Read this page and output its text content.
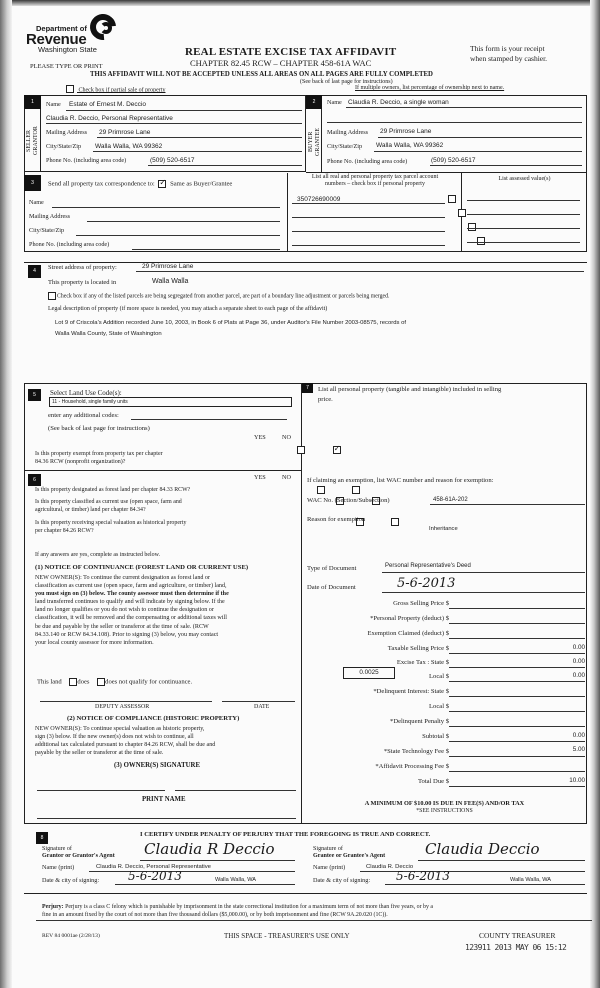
Department of
Revenue
Washington State	REAL ESTATE EXCISE TAX AFFIDAVIT
CHAPTER 82.45 RCW – CHAPTER 458-61A WAC
This form is your receipt
when stamped by cashier.
PLEASE TYPE OR PRINT
THIS AFFIDAVIT WILL NOT BE ACCEPTED UNLESS ALL AREAS ON ALL PAGES ARE FULLY COMPLETED
(See back of last page for instructions)
Check box if partial sale of property	If multiple owners, list percentage of ownership next to name.
1
SELLER
GRANTOR
Name Estate of Ernest M. Deccio
Claudia R. Deccio, Personal Representative
Mailing Address 29 Primrose Lane
City/State/Zip Walla Walla, WA 99362
Phone No. (including area code)	(509) 520-6517
2
BUYER
GRANTEE
Name Claudia R. Deccio, a single woman
Mailing Address 29 Primrose Lane
City/State/Zip Walla Walla, WA 99362
Phone No. (including area code)	(509) 520-6517
3	Send all property tax correspondence to: ✓ Same as Buyer/Grantee
Name
Mailing Address
City/State/Zip
Phone No. (including area code)
List all real and personal property tax parcel account
numbers – check box if personal property
List assessed value(s)
350726690009

4	Street address of property:	29 Primrose Lane
This property is located in	Walla Walla
Check box if any of the listed parcels are being segregated from another parcel, are part of a boundary line adjustment or parcels being merged.
Legal description of property (if more space is needed, you may attach a separate sheet to each page of the affidavit)
Lot 9 of Criscola's Addition recorded June 10, 2003, in Book 6 of Plats at Page 36, under Auditor's File Number 2003-08575, records of
Walla Walla County, State of Washington
5	Select Land Use Code(s):
11 - Household, single family units
enter any additional codes:
(See back of last page for instructions)
YES	NO
Is this property exempt from property tax per chapter
84.36 RCW (nonprofit organization)?
✓
6	YES	NO
Is this property designated as forest land per chapter 84.33 RCW?

Is this property classified as current use (open space, farm and
agricultural, or timber) land per chapter 84.34?

Is this property receiving special valuation as historical property
per chapter 84.26 RCW?

If any answers are yes, complete as instructed below.
(1) NOTICE OF CONTINUANCE (FOREST LAND OR CURRENT USE)
NEW OWNER(S): To continue the current designation as forest land or
classification as current use (open space, farm and agriculture, or timber) land,
you must sign on (3) below. The county assessor must then determine if the
land transferred continues to qualify and will indicate by signing below. If the
land no longer qualifies or you do not wish to continue the designation or
classification, it will be removed and the compensating or additional taxes will
be due and payable by the seller or transferor at the time of sale. (RCW
84.33.140 or RCW 84.34.108). Prior to signing (3) below, you may contact
your local county assessor for more information.
This land does does not qualify for continuance.
DEPUTY ASSESSOR	DATE
(2) NOTICE OF COMPLIANCE (HISTORIC PROPERTY)
NEW OWNER(S): To continue special valuation as historic property,
sign (3) below. If the new owner(s) does not wish to continue, all
additional tax calculated pursuant to chapter 84.26 RCW, shall be due and
payable by the seller or transferor at the time of sale.
(3) OWNER(S) SIGNATURE
PRINT NAME
7	List all personal property (tangible and intangible) included in selling
price.
If claiming an exemption, list WAC number and reason for exemption:
WAC No. (Section/Subsection)	458-61A-202
Reason for exemption
Inheritance
Type of Document	Personal Representative's Deed
Date of Document	5-6-2013
0.0025
Gross Selling Price $
*Personal Property (deduct) $
Exemption Claimed (deduct) $
Taxable Selling Price $	0.00
Excise Tax : State $	0.00
Local $	0.00
*Delinquent Interest: State $
Local $
*Delinquent Penalty $
Subtotal $	0.00
*State Technology Fee $	5.00
*Affidavit Processing Fee $
Total Due $	10.00
A MINIMUM OF $10.00 IS DUE IN FEE(S) AND/OR TAX
*SEE INSTRUCTIONS
8	I CERTIFY UNDER PENALTY OF PERJURY THAT THE FOREGOING IS TRUE AND CORRECT.
Signature of
Grantor or Grantor's Agent Claudia R Deccio
Name (print)	Claudia R. Deccio, Personal Representative
Date & city of signing: 5-6-2013	Walla Walla, WA
Signature of
Grantee or Grantee's Agent	Claudia Deccio
Name (print)	Claudia R. Deccio
Date & city of signing: 5-6-2013	Walla Walla, WA
Perjury: Perjury is a class C felony which is punishable by imprisonment in the state correctional institution for a maximum term of not more than five years, or by a
fine in an amount fixed by the court of not more than five thousand dollars ($5,000.00), or by both imprisonment and fine (RCW 9A.20.020 (1C)).
REV 84 0001ae (2/28/13)	THIS SPACE - TREASURER'S USE ONLY	COUNTY TREASURER
123911 2013 MAY 06 15:12
